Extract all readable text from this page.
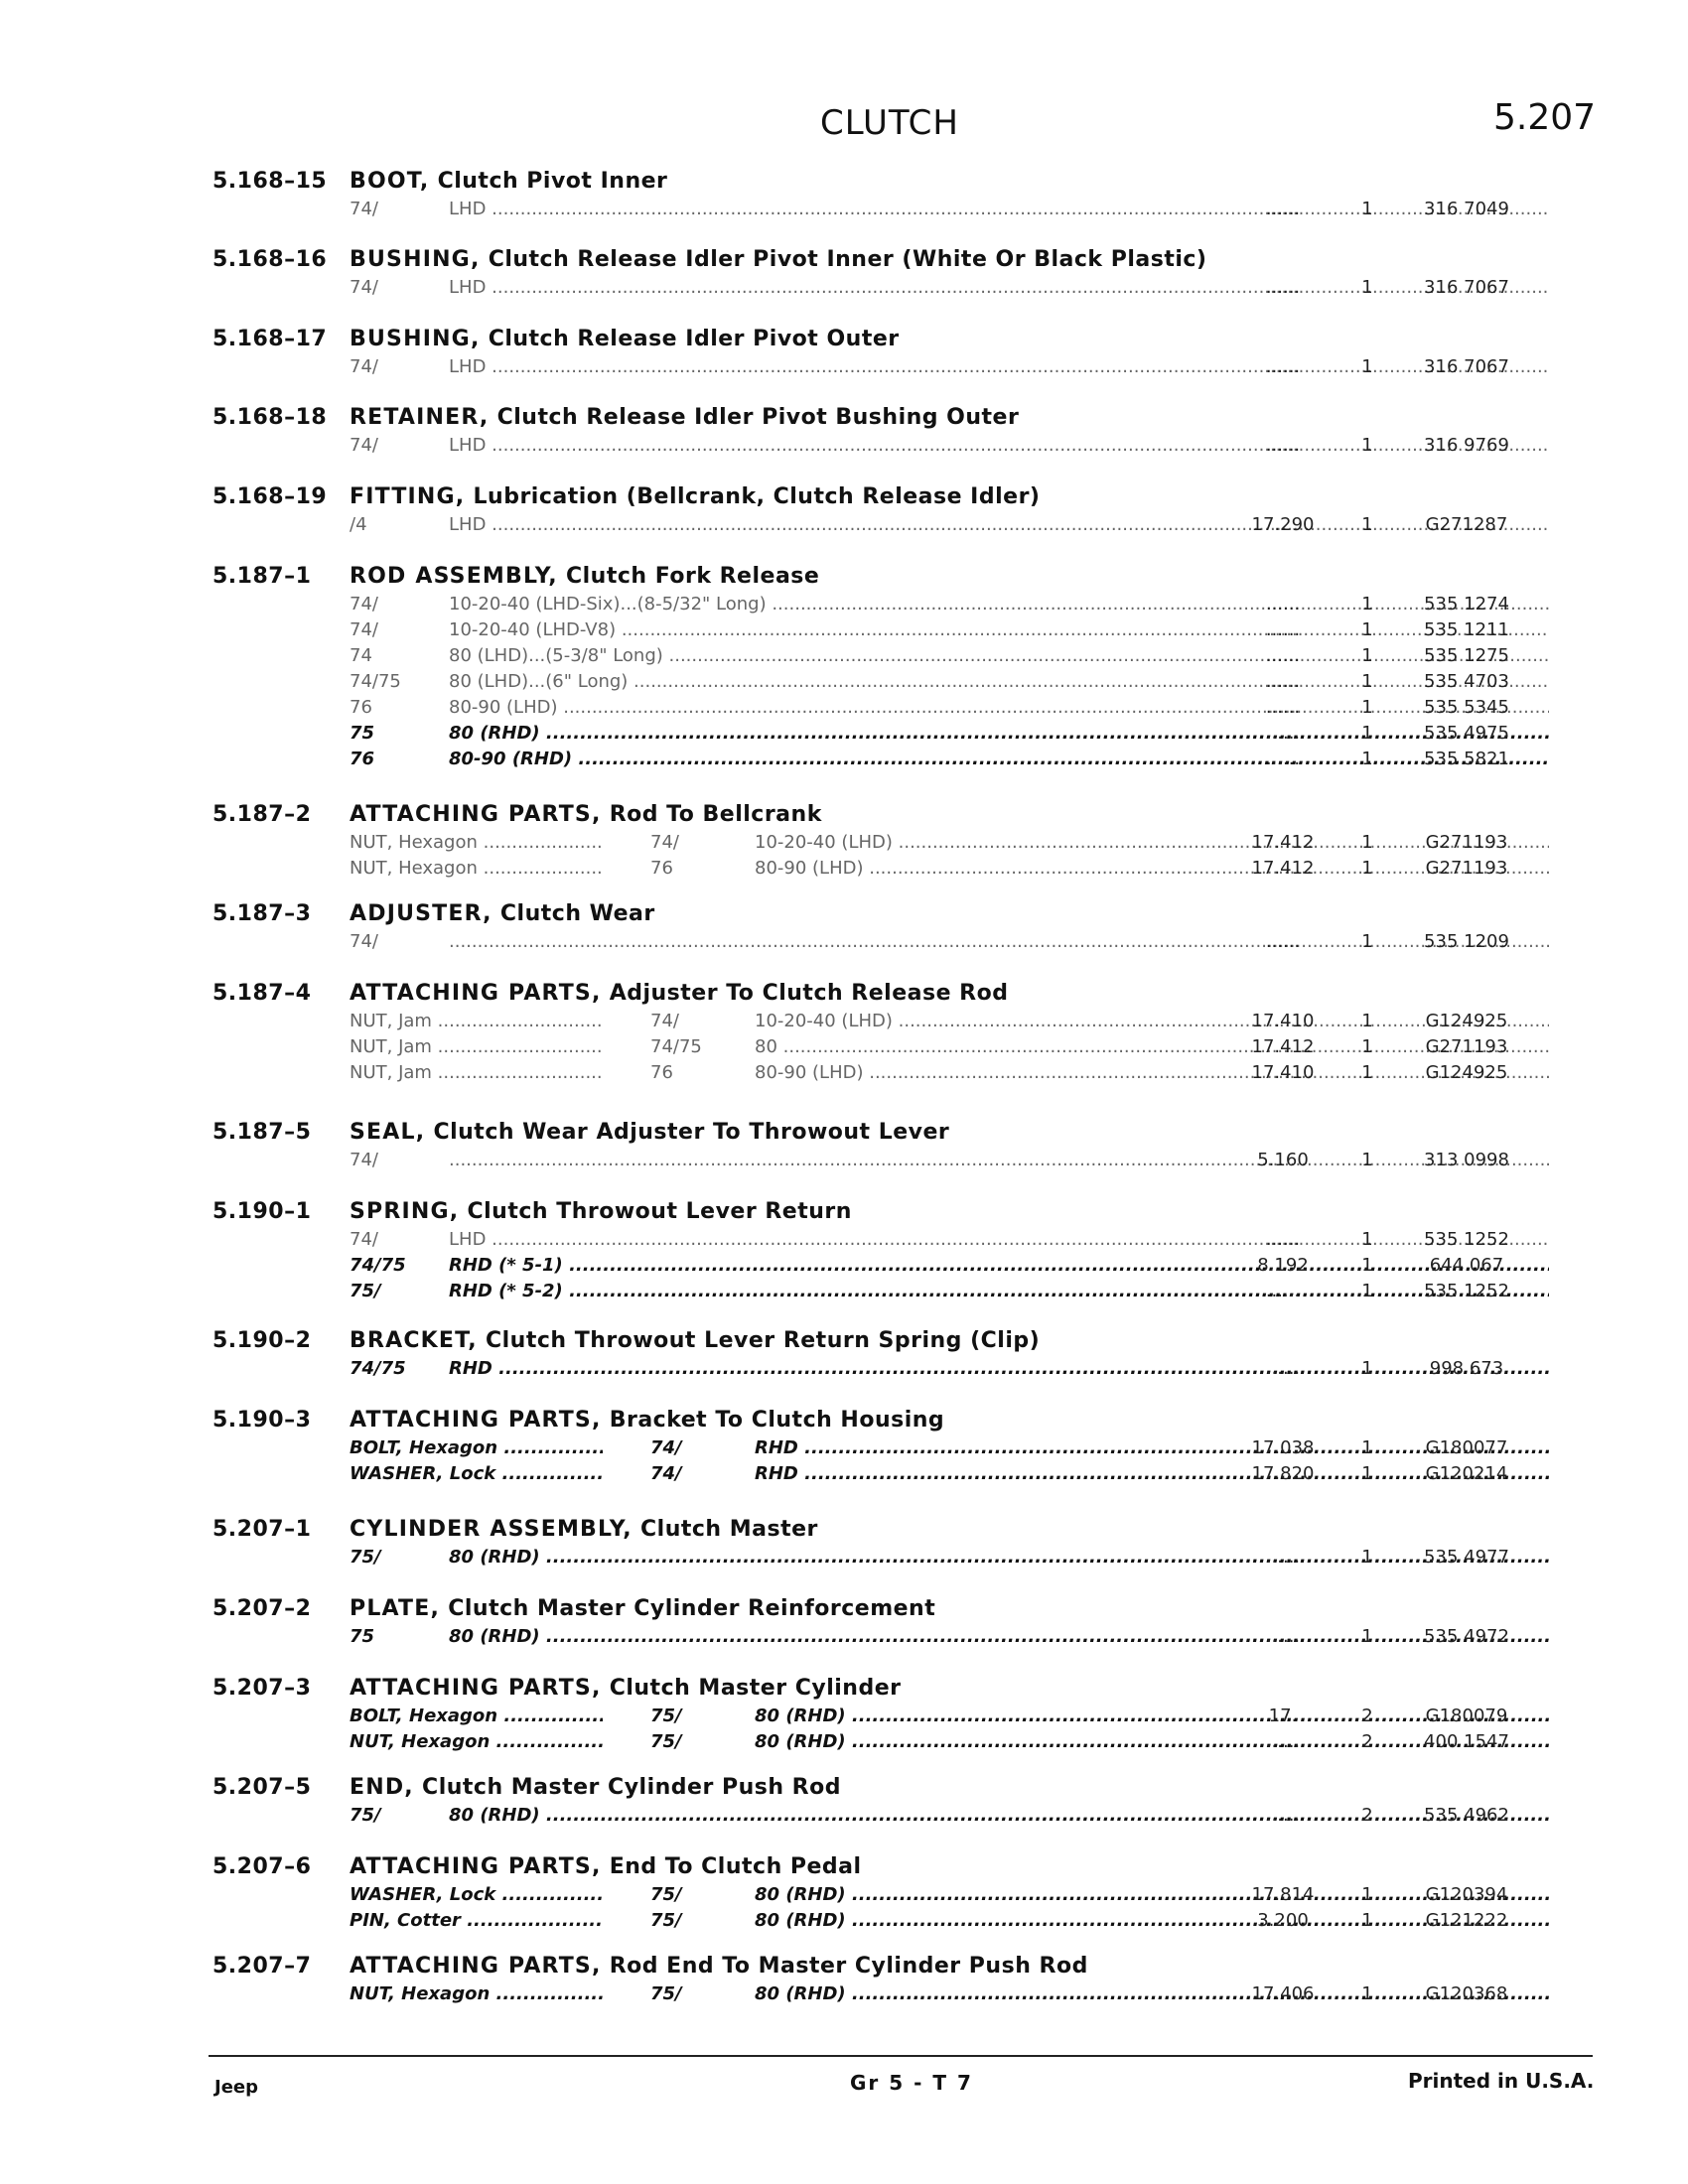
CLUTCH	5.207
5.168–15 BOOT, Clutch Pivot Inner
74/	LHD .....	......	1	316 7049
5.168–16 BUSHING, Clutch Release Idler Pivot Inner (White Or Black Plastic)
74/	LHD .....	......	1	316 7067
5.168–17 BUSHING, Clutch Release Idler Pivot Outer
74/	LHD .....	......	1	316 7067
5.168–18 RETAINER, Clutch Release Idler Pivot Bushing Outer
74/	LHD .....	......	1	316 9769
5.168–19 FITTING, Lubrication (Bellcrank, Clutch Release Idler)
/4	LHD .....	17.290	1	G271287
5.187–1 ROD ASSEMBLY, Clutch Fork Release
74/	10-20-40 (LHD-Six)...(8-5/32" Long) .....	......	1	535 1274
74/	10-20-40 (LHD-V8) .....	......	1	535 1211
74	80 (LHD)...(5-3/8" Long) .....	......	1	535 1275
74/75	80 (LHD)...(6" Long) .....	......	1	535 4703
76	80-90 (LHD) .....	......	1	535 5345
75	80 (RHD) .....	......	1	535 4975
76	80-90 (RHD) .....	......	1	535 5821
5.187–2 ATTACHING PARTS, Rod To Bellcrank
NUT, Hexagon .....	74/	10-20-40 (LHD) .....	17.412	1	G271193
NUT, Hexagon .....	76	80-90 (LHD) .....	17.412	1	G271193
5.187–3 ADJUSTER, Clutch Wear
74/ .....	......	1	535 1209
5.187–4 ATTACHING PARTS, Adjuster To Clutch Release Rod
NUT, Jam .....	74/	10-20-40 (LHD) .....	17.410	1	G124925
NUT, Jam .....	74/75	80 .....	17.412	1	G271193
NUT, Jam .....	76	80-90 (LHD) .....	17.410	1	G124925
5.187–5 SEAL, Clutch Wear Adjuster To Throwout Lever
74/ .....	5.160	1	313 0998
5.190–1 SPRING, Clutch Throwout Lever Return
74/	LHD .....	......	1	535 1252
74/75 RHD (* 5-1) .....	8.192	1	644 067
75/	RHD (* 5-2) .....	......	1	535 1252
5.190–2 BRACKET, Clutch Throwout Lever Return Spring (Clip)
74/75 RHD .....	......	1	998 673
5.190–3 ATTACHING PARTS, Bracket To Clutch Housing
BOLT, Hexagon .....	74/	RHD .....	17.038	1	G180077
WASHER, Lock .....	74/	RHD .....	17.820	1	G120214
5.207–1 CYLINDER ASSEMBLY, Clutch Master
75/	80 (RHD) .....	......	1	535 4977
5.207–2 PLATE, Clutch Master Cylinder Reinforcement
75	80 (RHD) .....	......	1	535 4972
5.207–3 ATTACHING PARTS, Clutch Master Cylinder
BOLT, Hexagon .....	75/	80 (RHD) .....	17.	2	G180079
NUT, Hexagon .....	75/	80 (RHD) .....	......	2	400 1547
5.207–5 END, Clutch Master Cylinder Push Rod
75/	80 (RHD) .....	......	2	535 4962
5.207–6 ATTACHING PARTS, End To Clutch Pedal
WASHER, Lock .....	75/	80 (RHD) .....	17.814	1	G120394
PIN, Cotter .....	75/	80 (RHD) .....	3.200	1	G121222
5.207–7 ATTACHING PARTS, Rod End To Master Cylinder Push Rod
NUT, Hexagon .....	75/	80 (RHD) .....	17.406	1	G120368
Jeep	Gr 5 - T 7	Printed in U.S.A.
